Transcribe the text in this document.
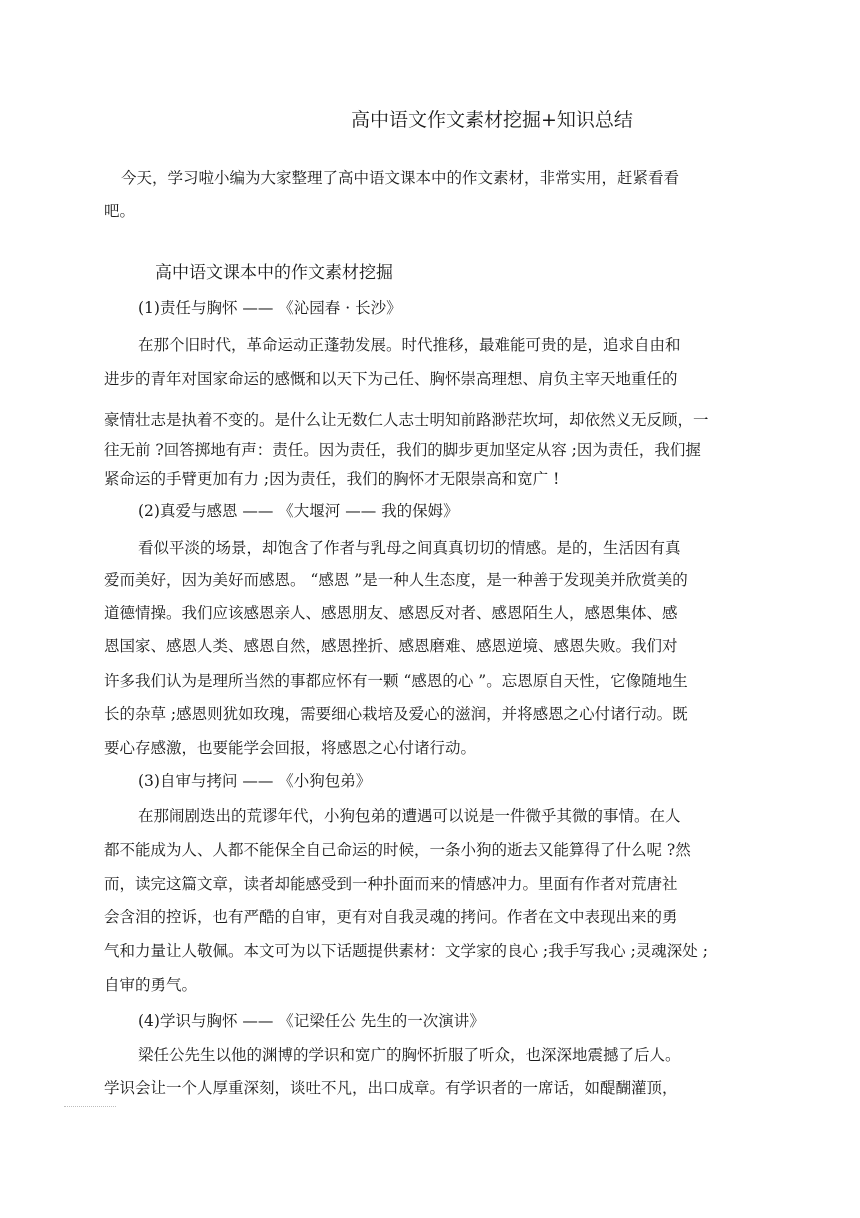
高中语文作文素材挖掘+知识总结
今天，学习啦小编为大家整理了高中语文课本中的作文素材，非常实用，赶紧看看
吧。
高中语文课本中的作文素材挖掘
(1)责任与胸怀 —— 《沁园春 · 长沙》
在那个旧时代，革命运动正蓬勃发展。时代推移，最难能可贵的是，追求自由和
进步的青年对国家命运的感慨和以天下为己任、胸怀崇高理想、肩负主宰天地重任的
豪情壮志是执着不变的。是什么让无数仁人志士明知前路渺茫坎坷，却依然义无反顾，一
往无前 ?回答掷地有声：责任。因为责任，我们的脚步更加坚定从容 ;因为责任，我们握
紧命运的手臂更加有力 ;因为责任，我们的胸怀才无限崇高和宽广 !
(2)真爱与感恩 —— 《大堰河 —— 我的保姆》
看似平淡的场景，却饱含了作者与乳母之间真真切切的情感。是的，生活因有真
爱而美好，因为美好而感恩。 “感恩 ”是一种人生态度，是一种善于发现美并欣赏美的
道德情操。我们应该感恩亲人、感恩朋友、感恩反对者、感恩陌生人，感恩集体、感
恩国家、感恩人类、感恩自然，感恩挫折、感恩磨难、感恩逆境、感恩失败。我们对
许多我们认为是理所当然的事都应怀有一颗 “感恩的心 ”。忘恩原自天性，它像随地生
长的杂草 ;感恩则犹如玫瑰，需要细心栽培及爱心的滋润，并将感恩之心付诸行动。既
要心存感激，也要能学会回报，将感恩之心付诸行动。
(3)自审与拷问 —— 《小狗包弟》
在那闹剧迭出的荒谬年代，小狗包弟的遭遇可以说是一件微乎其微的事情。在人
都不能成为人、人都不能保全自己命运的时候，一条小狗的逝去又能算得了什么呢 ?然
而，读完这篇文章，读者却能感受到一种扑面而来的情感冲力。里面有作者对荒唐社
会含泪的控诉，也有严酷的自审，更有对自我灵魂的拷问。作者在文中表现出来的勇
气和力量让人敬佩。本文可为以下话题提供素材：文学家的良心 ;我手写我心 ;灵魂深处 ;
自审的勇气。
(4)学识与胸怀 —— 《记梁任公 先生的一次演讲》
梁任公先生以他的渊博的学识和宽广的胸怀折服了听众，也深深地震撼了后人。
学识会让一个人厚重深刻，谈吐不凡，出口成章。有学识者的一席话，如醍醐灌顶，
